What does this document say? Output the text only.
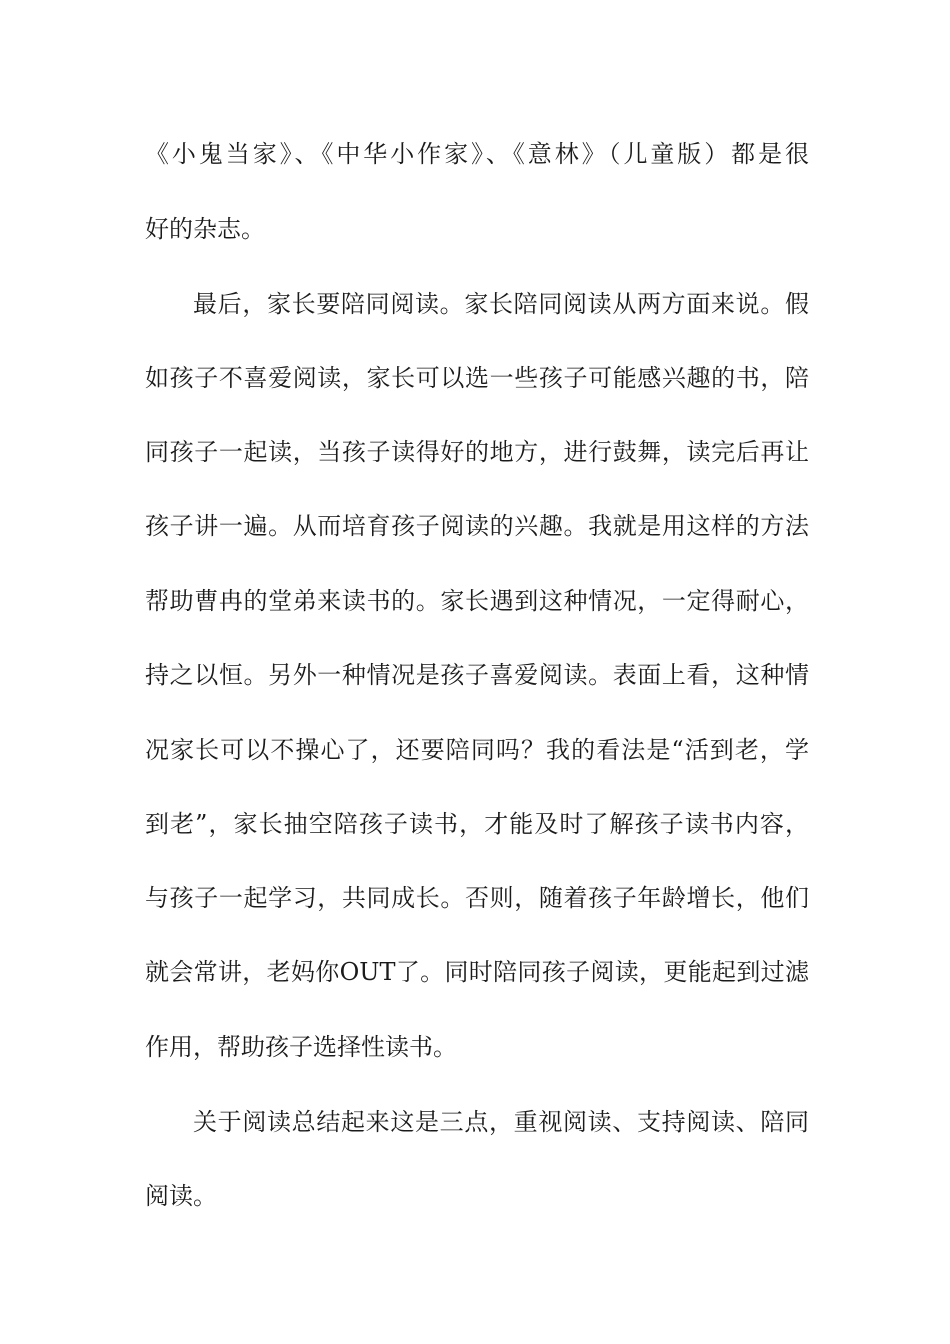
《小鬼当家》、《中华小作家》、《意林》（儿童版）都是很
好的杂志。
最后，家长要陪同阅读。家长陪同阅读从两方面来说。假
如孩子不喜爱阅读，家长可以选一些孩子可能感兴趣的书，陪
同孩子一起读，当孩子读得好的地方，进行鼓舞，读完后再让
孩子讲一遍。从而培育孩子阅读的兴趣。我就是用这样的方法
帮助曹冉的堂弟来读书的。家长遇到这种情况，一定得耐心，
持之以恒。另外一种情况是孩子喜爱阅读。表面上看，这种情
况家长可以不操心了，还要陪同吗？我的看法是“活到老，学
到老”，家长抽空陪孩子读书，才能及时了解孩子读书内容，
与孩子一起学习，共同成长。否则，随着孩子年龄增长，他们
就会常讲，老妈你OUT了。同时陪同孩子阅读，更能起到过滤
作用，帮助孩子选择性读书。
关于阅读总结起来这是三点，重视阅读、支持阅读、陪同
阅读。
